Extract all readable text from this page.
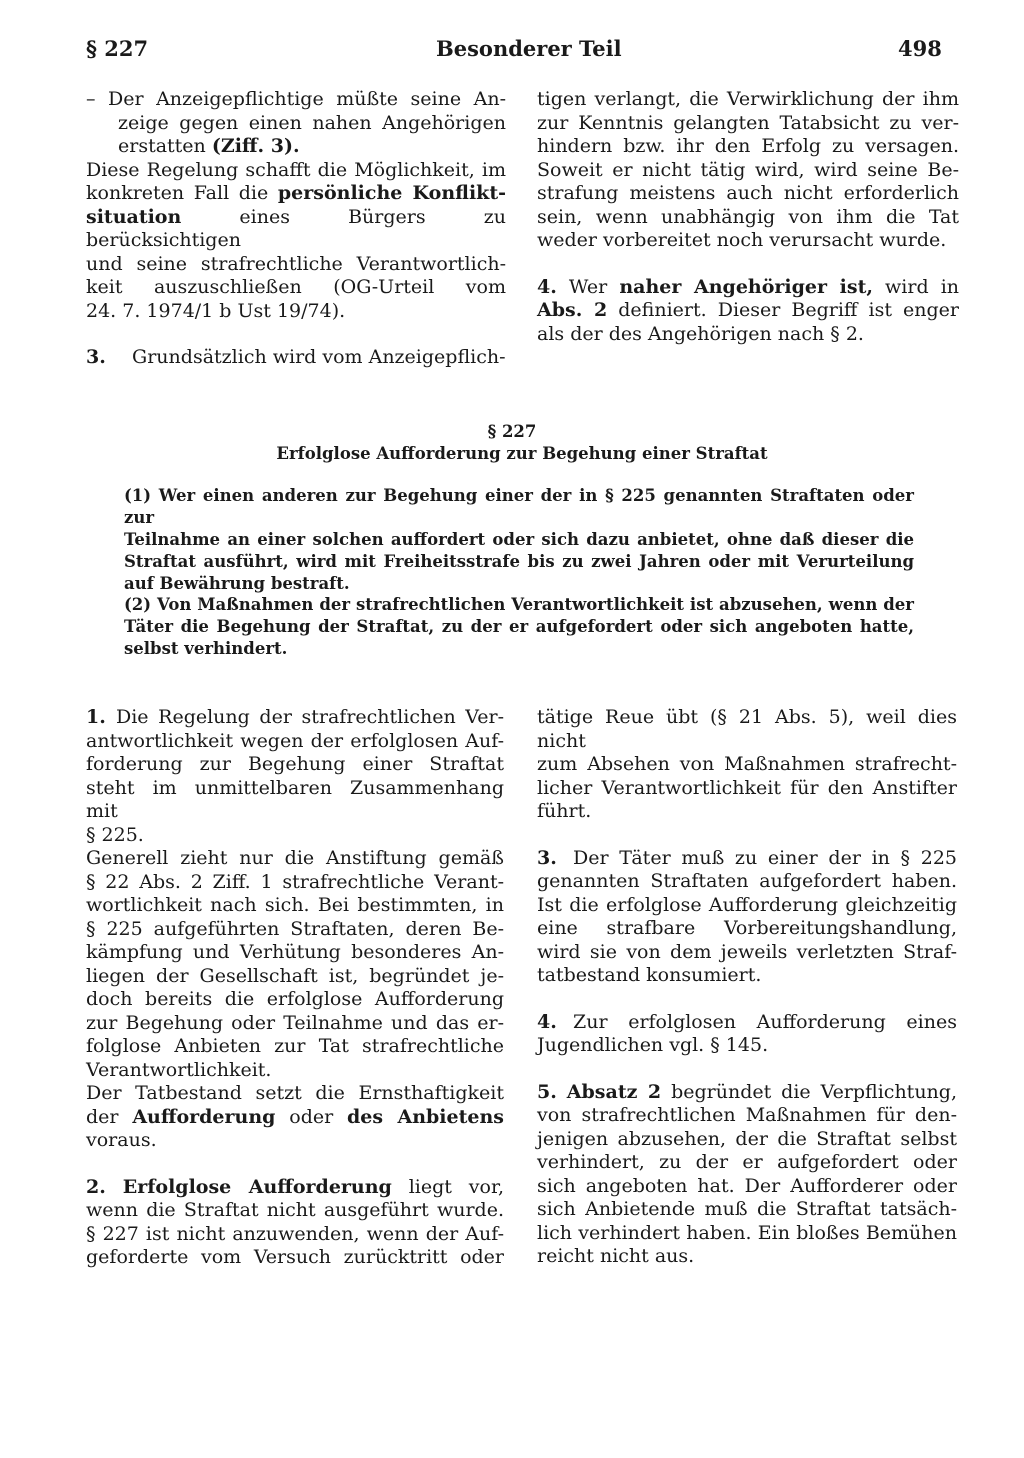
§ 227	Besonderer Teil	498
– Der Anzeigepflichtige müßte seine An-
zeige gegen einen nahen Angehörigen
erstatten (Ziff. 3).
Diese Regelung schafft die Möglichkeit, im
konkreten Fall die persönliche Konflikt-
situation	eines Bürgers zu berücksichtigen
und seine strafrechtliche Verantwortlich-
keit auszuschließen (OG-Urteil vom
24. 7. 1974/1 b Ust 19/74).
3. Grundsätzlich wird vom Anzeigepflich-
tigen verlangt, die Verwirklichung der ihm
zur Kenntnis gelangten Tatabsicht zu ver-
hindern bzw. ihr den Erfolg zu versagen.
Soweit er nicht tätig wird, wird seine Be-
strafung meistens auch nicht erforderlich
sein, wenn unabhängig von ihm die Tat
weder vorbereitet noch verursacht wurde.
4. Wer naher Angehöriger ist, wird in
Abs. 2 definiert. Dieser Begriff ist enger
als der des Angehörigen nach § 2.
§ 227
Erfolglose Aufforderung zur Begehung einer Straftat
(1) Wer einen anderen zur Begehung einer der in § 225 genannten Straftaten oder zur
Teilnahme an einer solchen auffordert oder sich dazu anbietet, ohne daß dieser die
Straftat ausführt, wird mit Freiheitsstrafe bis zu zwei Jahren oder mit Verurteilung
auf Bewährung bestraft.
(2) Von Maßnahmen der strafrechtlichen Verantwortlichkeit ist abzusehen, wenn der
Täter die Begehung der Straftat, zu der er aufgefordert oder sich angeboten hatte,
selbst verhindert.
1. Die Regelung der strafrechtlichen Ver-
antwortlichkeit wegen der erfolglosen Auf-
forderung zur Begehung einer Straftat
steht im unmittelbaren Zusammenhang mit
§ 225.
Generell zieht nur die Anstiftung gemäß
§ 22 Abs. 2 Ziff. 1 strafrechtliche Verant-
wortlichkeit nach sich. Bei bestimmten, in
§ 225 aufgeführten Straftaten, deren Be-
kämpfung und Verhütung besonderes An-
liegen der Gesellschaft ist, begründet je-
doch bereits die erfolglose Aufforderung
zur Begehung oder Teilnahme und das er-
folglose Anbieten zur Tat strafrechtliche
Verantwortlichkeit.
Der Tatbestand setzt die Ernsthaftigkeit
der Aufforderung oder des Anbietens
voraus.
2. Erfolglose Aufforderung liegt vor,
wenn die Straftat nicht ausgeführt wurde.
§ 227 ist nicht anzuwenden, wenn der Auf-
geforderte vom Versuch zurücktritt oder
tätige Reue übt (§ 21 Abs. 5), weil dies nicht
zum Absehen von Maßnahmen strafrecht-
licher Verantwortlichkeit für den Anstifter
führt.
3. Der Täter muß zu einer der in § 225
genannten Straftaten aufgefordert haben.
Ist die erfolglose Aufforderung gleichzeitig
eine strafbare Vorbereitungshandlung,
wird sie von dem jeweils verletzten Straf-
tatbestand konsumiert.
4. Zur erfolglosen Aufforderung eines
Jugendlichen vgl. § 145.
5. Absatz 2 begründet die Verpflichtung,
von strafrechtlichen Maßnahmen für den-
jenigen abzusehen, der die Straftat selbst
verhindert, zu der er aufgefordert oder
sich angeboten hat. Der Aufforderer oder
sich Anbietende muß die Straftat tatsäch-
lich verhindert haben. Ein bloßes Bemühen
reicht nicht aus.
